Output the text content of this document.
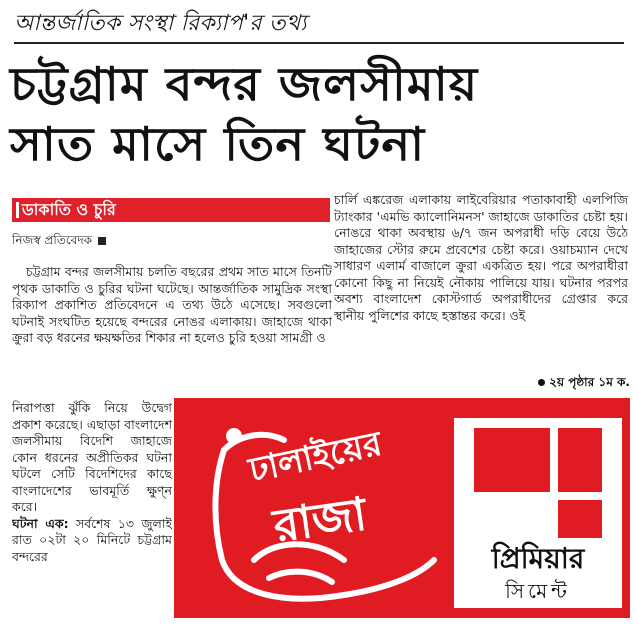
আন্তর্জাতিক সংস্থা রিক্যাপ'র তথ্য
চট্টগ্রাম বন্দর জলসীমায়
সাত মাসে তিন ঘটনা
ডাকাতি ও চুরি
নিজস্ব প্রতিবেদক

চট্টগ্রাম বন্দর জলসীমায় চলতি বছরের প্রথম সাত মাসে তিনটি পৃথক ডাকাতি ও চুরির ঘটনা ঘটেছে। আন্তর্জাতিক সামুদ্রিক সংস্থা রিক্যাপ প্রকাশিত প্রতিবেদনে এ তথ্য উঠে এসেছে। সবগুলো ঘটনাই সংঘটিত হয়েছে বন্দরের নোঙর এলাকায়। জাহাজে থাকা ক্রুরা বড় ধরনের ক্ষয়ক্ষতির শিকার না হলেও চুরি হওয়া সামগ্রী ও

নিরাপত্তা ঝুঁকি নিয়ে উদ্বেগ প্রকাশ করেছে। এছাড়া বাংলাদেশ জলসীমায় বিদেশি জাহাজে কোন ধরনের অপ্রীতিকর ঘটনা ঘটলে সেটি বিদেশিদের কাছে বাংলাদেশের ভাবমূর্তি ক্ষুণ্ন করে।
ঘটনা এক: সর্বশেষ ১৩ জুলাই রাত ০২টা ২০ মিনিটে চট্টগ্রাম বন্দরের
চার্লি এঙ্করেজ এলাকায় লাইবেরিয়ার পতাকাবাহী এলপিজি ট্যাংকার 'এমভি ক্যালোনিমনস' জাহাজে ডাকাতির চেষ্টা হয়। নোঙরে থাকা অবস্থায় ৬/৭ জন অপরাধী দড়ি বেয়ে উঠে জাহাজের স্টোর রুমে প্রবেশের চেষ্টা করে। ওয়াচম্যান দেখে সাধারণ এলার্ম বাজালে ক্রুরা একত্রিত হয়। পরে অপরাধীরা কোনো কিছু না নিয়েই নৌকায় পালিয়ে যায়। ঘটনার পরপর অবশ্য বাংলাদেশ কোস্টগার্ড অপরাধীদের গ্রেপ্তার করে স্থানীয় পুলিশের কাছে হস্তান্তর করে। ওই
২য় পৃষ্ঠার ১ম ক.
ঢালাইয়ের
রাজা
প্রিমিয়ার
সিমেন্ট
